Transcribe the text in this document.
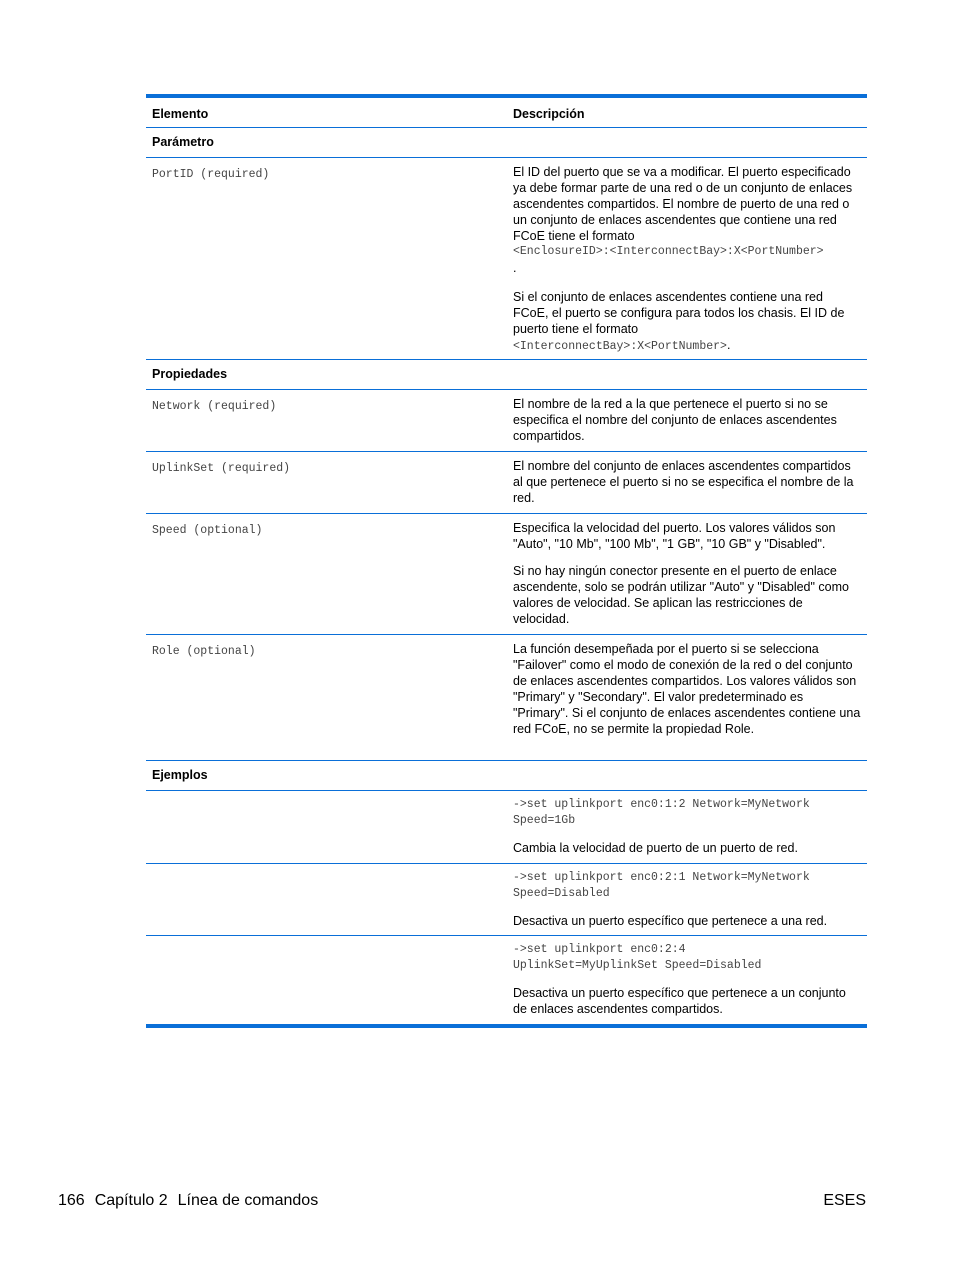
Elemento	Descripción
Parámetro
PortID (required)	El ID del puerto que se va a modificar. El puerto especificado ya debe formar parte de una red o de un conjunto de enlaces ascendentes compartidos. El nombre de puerto de una red o un conjunto de enlaces ascendentes que contiene una red FCoE tiene el formato
<EnclosureID>:<InterconnectBay>:X<PortNumber>
.
Si el conjunto de enlaces ascendentes contiene una red FCoE, el puerto se configura para todos los chasis. El ID de puerto tiene el formato
<InterconnectBay>:X<PortNumber>.
Propiedades
Network (required)	El nombre de la red a la que pertenece el puerto si no se especifica el nombre del conjunto de enlaces ascendentes compartidos.
UplinkSet (required)	El nombre del conjunto de enlaces ascendentes compartidos al que pertenece el puerto si no se especifica el nombre de la red.
Speed (optional)	Especifica la velocidad del puerto. Los valores válidos son "Auto", "10 Mb", "100 Mb", "1 GB", "10 GB" y "Disabled".
Si no hay ningún conector presente en el puerto de enlace ascendente, solo se podrán utilizar "Auto" y "Disabled" como valores de velocidad. Se aplican las restricciones de velocidad.
Role (optional)	La función desempeñada por el puerto si se selecciona "Failover" como el modo de conexión de la red o del conjunto de enlaces ascendentes compartidos. Los valores válidos son "Primary" y "Secondary". El valor predeterminado es "Primary". Si el conjunto de enlaces ascendentes contiene una red FCoE, no se permite la propiedad Role.
Ejemplos
->set uplinkport enc0:1:2 Network=MyNetwork
Speed=1Gb
Cambia la velocidad de puerto de un puerto de red.
->set uplinkport enc0:2:1 Network=MyNetwork
Speed=Disabled
Desactiva un puerto específico que pertenece a una red.
->set uplinkport enc0:2:4
UplinkSet=MyUplinkSet Speed=Disabled
Desactiva un puerto específico que pertenece a un conjunto de enlaces ascendentes compartidos.
166 Capítulo 2 Línea de comandos	ESES
